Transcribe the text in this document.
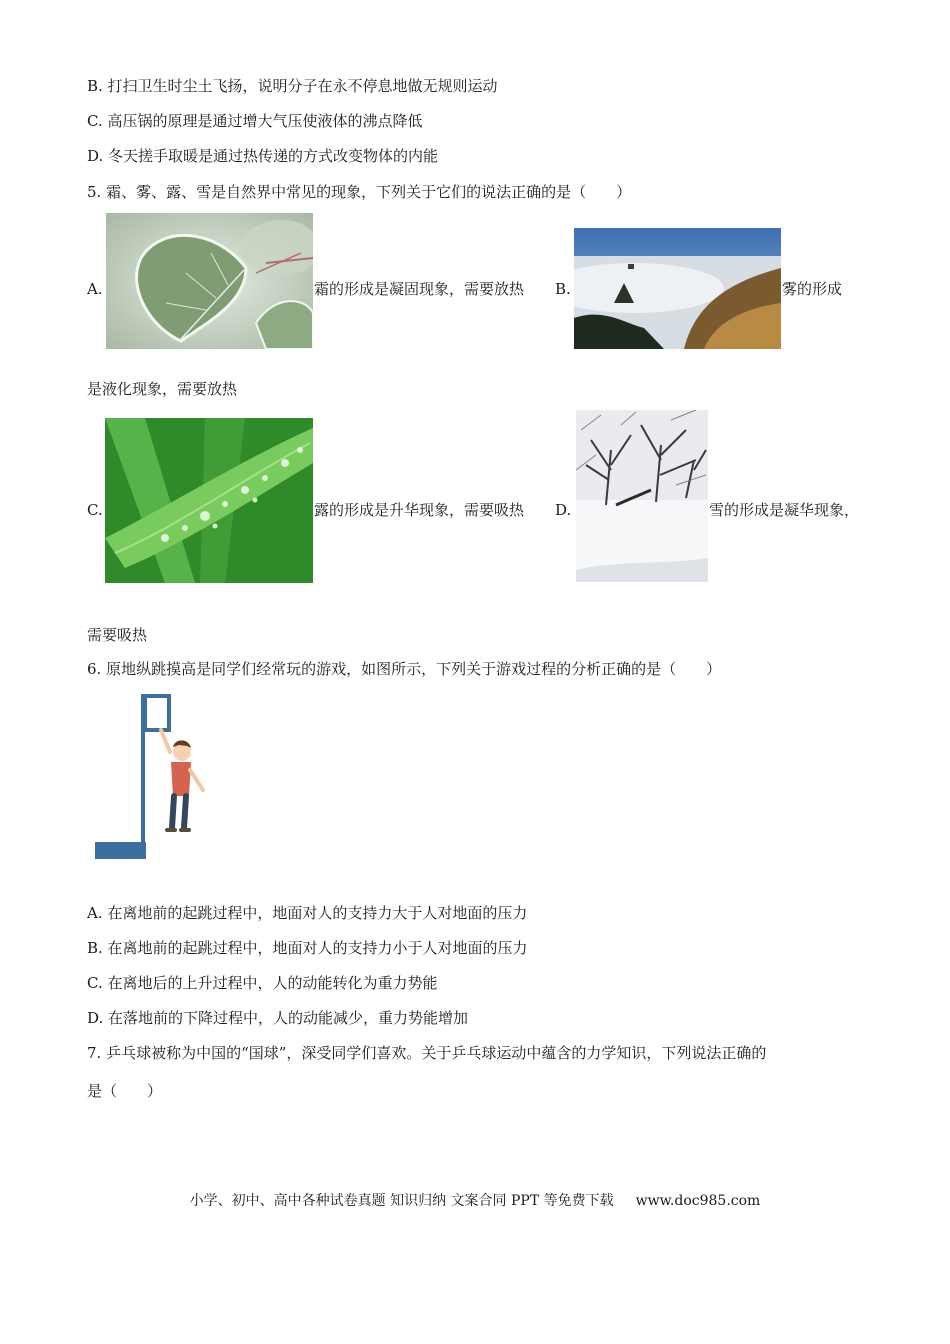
B. 打扫卫生时尘土飞扬，说明分子在永不停息地做无规则运动
C. 高压锅的原理是通过增大气压使液体的沸点降低
D. 冬天搓手取暖是通过热传递的方式改变物体的内能
5. 霜、雾、露、雪是自然界中常见的现象，下列关于它们的说法正确的是（　　）
A.	霜的形成是凝固现象，需要放热 B.	雾的形成
是液化现象，需要放热
C.	露的形成是升华现象，需要吸热 D.	雪的形成是凝华现象，
需要吸热
6. 原地纵跳摸高是同学们经常玩的游戏，如图所示，下列关于游戏过程的分析正确的是（　　）
A. 在离地前的起跳过程中，地面对人的支持力大于人对地面的压力
B. 在离地前的起跳过程中，地面对人的支持力小于人对地面的压力
C. 在离地后的上升过程中，人的动能转化为重力势能
D. 在落地前的下降过程中，人的动能减少，重力势能增加
7. 乒乓球被称为中国的“国球”，深受同学们喜欢。关于乒乓球运动中蕴含的力学知识，下列说法正确的
是（　　）
小学、初中、高中各种试卷真题 知识归纳 文案合同 PPT 等免费下载 www.doc985.com
